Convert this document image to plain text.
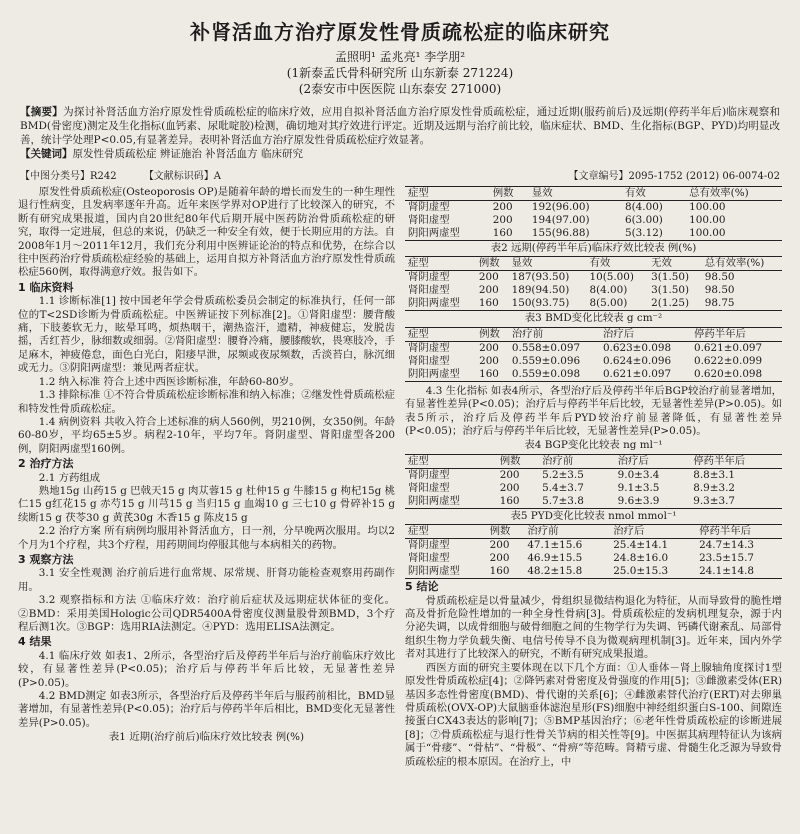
补肾活血方治疗原发性骨质疏松症的临床研究
孟照明¹ 孟兆亮¹ 李学朋²
(1新泰孟氏骨科研究所 山东新泰 271224)
(2泰安市中医医院 山东泰安 271000)
【摘要】为探讨补肾活血方治疗原发性骨质疏松症的临床疗效，应用自拟补肾活血方治疗原发性骨质疏松症，通过近期(服药前后)及远期(停药半年后)临床观察和BMD(骨密度)测定及生化指标(血钙素、尿吡啶胶)检测，确切地对其疗效进行评定。近期及远期与治疗前比较，临床症状、BMD、生化指标(BGP、PYD)均明显改善，统计学处理P<0.05,有显著差异。表明补肾活血方治疗原发性骨质疏松症疗效显著。
【关键词】原发性骨质疏松症 辨证施治 补肾活血方 临床研究
【中图分类号】R242	【文献标识码】A	【文章编号】2095-1752 (2012) 06-0074-02

原发性骨质疏松症(Osteoporosis OP)是随着年龄的增长而发生的一种生理性退行性病变，且发病率逐年升高。近年来医学界对OP进行了比较深入的研究，不断有研究成果报道，国内自20世纪80年代后期开展中医药防治骨质疏松症的研究，取得一定进展，但总的来说，仍缺乏一种安全有效，便于长期应用的方法。自2008年1月～2011年12月，我们充分利用中医辨证论治的特点和优势，在综合以往中医药治疗骨质疏松症经验的基础上，运用自拟方补肾活血方治疗原发性骨质疏松症560例，取得满意疗效。报告如下。

1 临床资料

1.1 诊断标准[1] 按中国老年学会骨质疏松委员会制定的标准执行，任何一部位的T<2SD诊断为骨质疏松症。中医辨证按下列标准[2]。①肾阳虚型：腰背酸痛，下肢萎软无力，眩晕耳鸣，烦热咽干，潮热盗汗，遗精，神疲健忘，发脱齿摇，舌红苔少，脉细数或细弱。②肾阳虚型：腰脊冷痛，腰膝酸软，畏寒肢冷，手足麻木，神疲倦怠，面色白光白，阳痿早泄，尿频或夜尿频数，舌淡苔白，脉沉细或无力。③阴阳两虚型：兼见两者症状。

1.2 纳入标准 符合上述中西医诊断标准，年龄60-80岁。

1.3 排除标准 ①不符合骨质疏松症诊断标准和纳入标准；②继发性骨质疏松症和特发性骨质疏松症。

1.4 病例资料 共收入符合上述标准的病人560例，男210例，女350例。年龄60-80岁，平均65±5岁。病程2-10年，平均7年。肾阴虚型、肾阳虚型各200例，阴阳两虚型160例。

2 治疗方法

2.1 方药组成

熟地15g 山药15 g 巴戟天15 g 肉苁蓉15 g 杜仲15 g 牛膝15 g 枸杞15g 桃仁15 g红花15 g 赤芍15 g 川芎15 g 当归15 g 血竭10 g 三七10 g 骨碎补15 g 续断15 g 茯苓30 g 黄芪30g 木香15 g 陈皮15 g

2.2 治疗方案 所有病例均服用补肾活血方，日一剂，分早晚两次服用。均以2个月为1个疗程，共3个疗程，用药期间均停服其他与本病相关的药物。

3 观察方法

3.1 安全性观测 治疗前后进行血常规、尿常规、肝肾功能检查观察用药副作用。

3.2 观察指标和方法 ①临床疗效：治疗前后症状及远期症状体征的变化。②BMD：采用美国Hologic公司QDR5400A骨密度仪测量股骨颈BMD，3个疗程后测1次。③BGP：选用RIA法测定。④PYD：选用ELISA法测定。

4 结果

4.1 临床疗效 如表1、2所示，各型治疗后及停药半年后与治疗前临床疗效比较，有显著性差异(P<0.05)；治疗后与停药半年后比较，无显著性差异(P>0.05)。

4.2 BMD测定 如表3所示，各型治疗后及停药半年后与服药前相比，BMD显著增加，有显著性差异(P<0.05)；治疗后与停药半年后相比，BMD变化无显著性差异(P>0.05)。

表1 近期(治疗前后)临床疗效比较表 例(%)
症型	例数	显效	有效	总有效率(%)
肾阴虚型	200	192(96.00)	8(4.00)	100.00
肾阳虚型	200	194(97.00)	6(3.00)	100.00
阴阳两虚型	160	155(96.88)	5(3.12)	100.00
表2 远期(停药半年后)临床疗效比较表 例(%)
症型	例数	显效	有效	无效	总有效率(%)
肾阴虚型	200	187(93.50)	10(5.00)	3(1.50)	98.50
肾阳虚型	200	189(94.50)	8(4.00)	3(1.50)	98.50
阴阳两虚型	160	150(93.75)	8(5.00)	2(1.25)	98.75
表3 BMD变化比较表 g cm⁻²
症型	例数	治疗前	治疗后	停药半年后
肾阴虚型	200	0.558±0.097	0.623±0.098	0.621±0.097
肾阳虚型	200	0.559±0.096	0.624±0.096	0.622±0.099
阴阳两虚型	160	0.559±0.098	0.621±0.097	0.620±0.098

4.3 生化指标 如表4所示，各型治疗后及停药半年后BGP较治疗前显著增加，有显著性差异(P<0.05)；治疗后与停药半年后比较，无显著性差异(P>0.05)。如表5所示，治疗后及停药半年后PYD较治疗前显著降低，有显著性差异(P<0.05)；治疗后与停药半年后比较，无显著性差异(P>0.05)。

表4 BGP变化比较表 ng ml⁻¹
症型	例数	治疗前	治疗后	停药半年后
肾阴虚型	200	5.2±3.5	9.0±3.4	8.8±3.1
肾阳虚型	200	5.4±3.7	9.1±3.5	8.9±3.2
阴阳两虚型	160	5.7±3.8	9.6±3.9	9.3±3.7
表5 PYD变化比较表 nmol mmol⁻¹
症型	例数	治疗前	治疗后	停药半年后
肾阴虚型	200	47.1±15.6	25.4±14.1	24.7±14.3
肾阳虚型	200	46.9±15.5	24.8±16.0	23.5±15.7
阴阳两虚型	160	48.2±15.8	25.0±15.3	24.1±14.8
5 结论

骨质疏松症是以骨量减少，骨组织显微结构退化为特征，从而导致骨的脆性增高及骨折危险性增加的一种全身性骨病[3]。骨质疏松症的发病机理复杂，源于内分泌失调，以成骨细胞与破骨细胞之间的生物学行为失调、钙磷代谢紊乱、局部骨组织生物力学负载失衡、电信号传导不良为微观病理机制[3]。近年来，国内外学者对其进行了比较深入的研究，不断有研究成果报道。

西医方面的研究主要体现在以下几个方面：①人垂体－肾上腺轴角度探讨1型原发性骨质疏松症[4]；②降钙素对骨密度及骨强度的作用[5]；③雌激素受体(ER)基因多态性骨密度(BMD)、骨代谢的关系[6]；④雌激素替代治疗(ERT)对去卵巢骨质疏松(OVX-OP)大鼠脑垂体滤泡星形(FS)细胞中神经组织蛋白S-100、间隙连接蛋白CX43表达的影响[7]；⑤BMP基因治疗；⑥老年性骨质疏松症的诊断进展[8]；⑦骨质疏松症与退行性骨关节病的相关性等[9]。中医据其病理特征认为该病属于“骨痿”、“骨枯”、“骨极”、“骨痹”等范畴。肾精亏虚、骨髓生化乏源为导致骨质疏松症的根本原因。在治疗上，中
